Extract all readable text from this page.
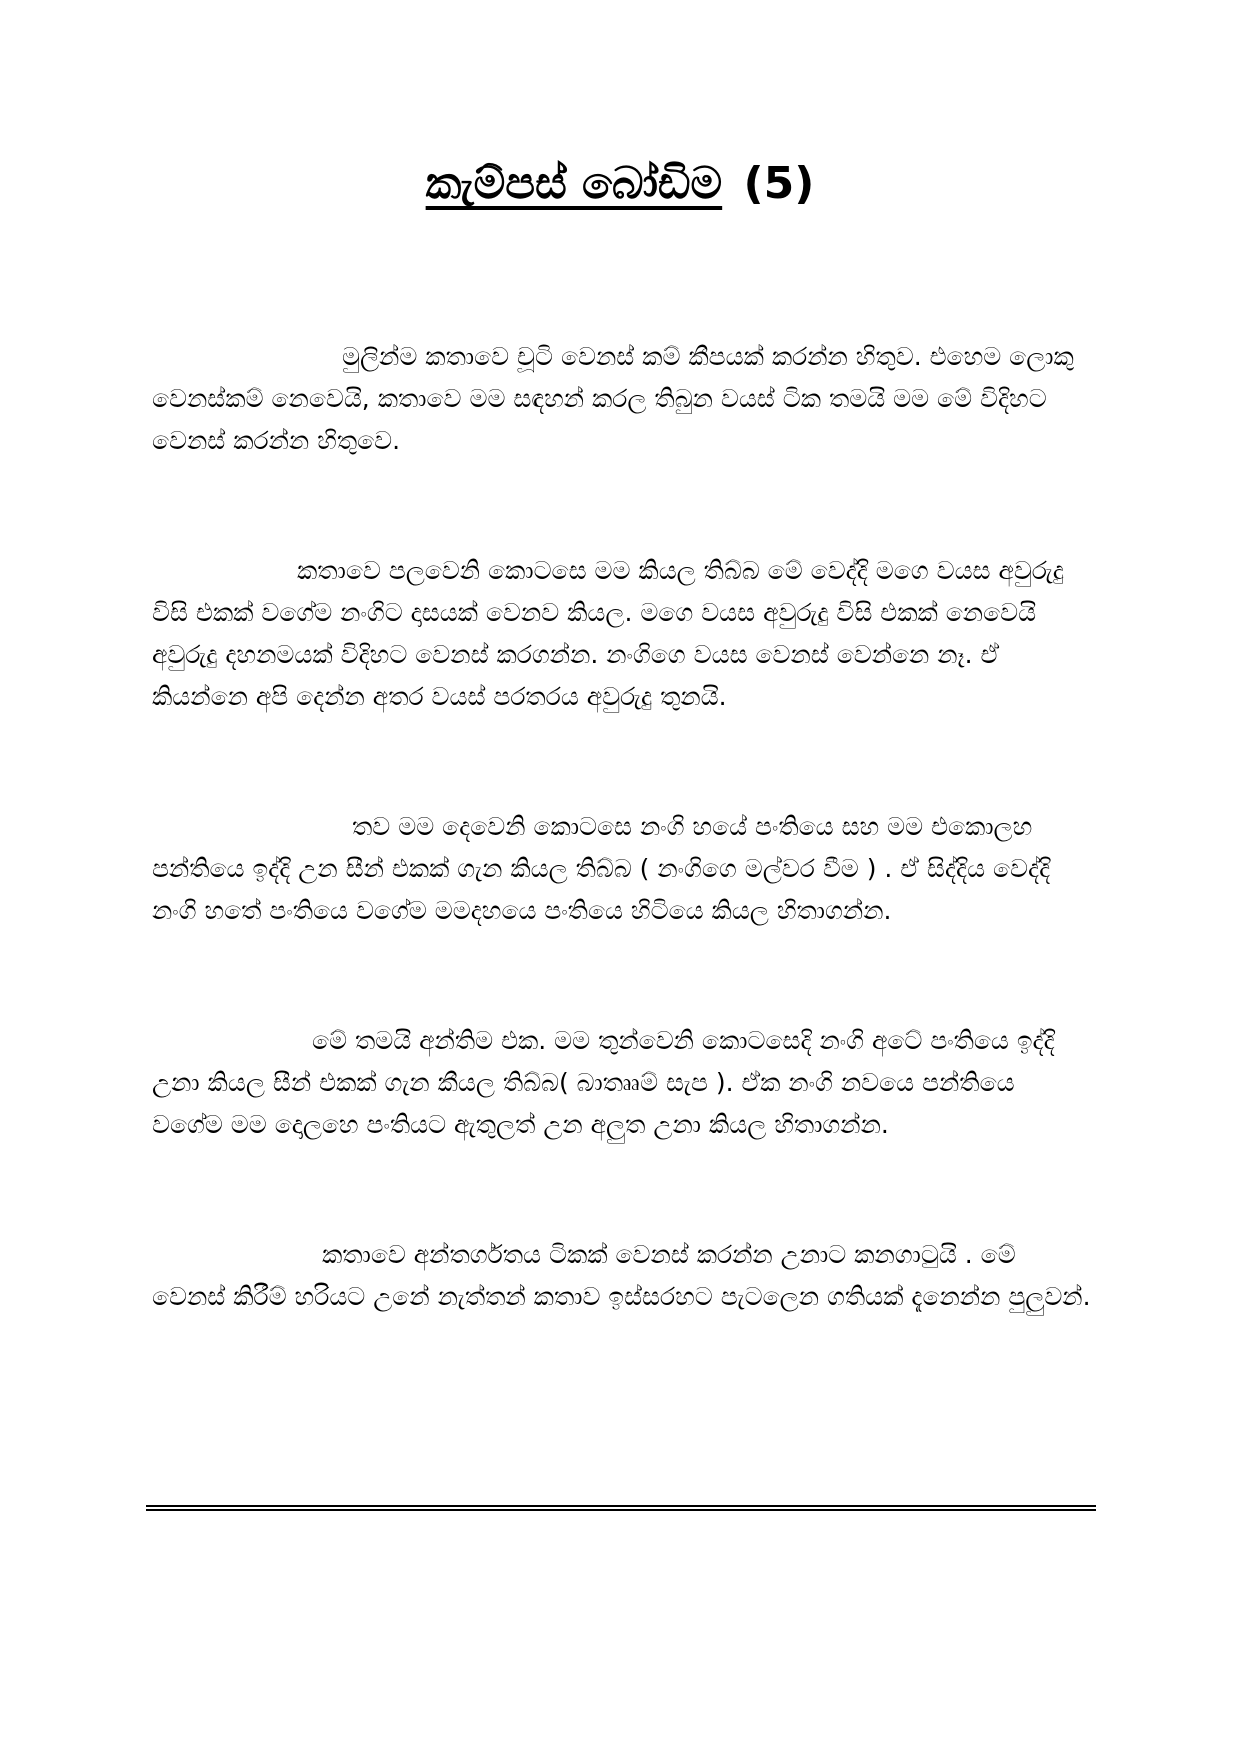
කැම්පස් බෝඩිම (5)

මුලින්ම කතාවෙ චූටි වෙනස් කම් කීපයක් කරන්න හිතුව. එහෙම ලොකු වෙනස්කම් නෙවෙයි, කතාවෙ මම සඳහන් කරල තිබුන වයස් ටික තමයි මම මේ විදිහට වෙනස් කරන්න හිතුවෙ.

කතාවෙ පලවෙනි කොටසෙ මම කියල තිබ්බ මේ වෙද්දි මගෙ වයස අවුරුදු විසි එකක් වගේම නංගිට දාසයක් වෙනව කියල. මගෙ වයස අවුරුදු විසි එකක් නෙවෙයි අවුරුදු දහනමයක් විදිහට වෙනස් කරගන්න. නංගිගෙ වයස වෙනස් වෙන්නෙ නෑ. ඒ කියන්නෙ අපි දෙන්න අතර වයස් පරතරය අවුරුදු තුනයි.

තව මම දෙවෙනි කොටසෙ නංගි හයේ පංතියෙ සහ මම එකොලහ පන්තියෙ ඉද්දි උන සීන් එකක් ගැන කියල තිබ්බ ( නංගිගෙ මල්වර වීම ) . ඒ සිද්දිය වෙද්දි නංගි හතේ පංතියෙ වගේම මමදහයෙ පංතියෙ හිටියෙ කියල හිතාගන්න.

මේ තමයි අන්තිම එක. මම තුන්වෙනි කොටසෙදි නංගි අටේ පංතියෙ ඉද්දි උනා කියල සීන් එකක් ගැන කීයල තිබ්බ( බාතෲම් සැප ). ඒක නංගි නවයෙ පන්තියෙ වගේම මම දොලහෙ පංතියට ඇතුලත් උන අලුත උනා කියල හිතාගන්න.

කතාවෙ අන්තර්ගතය ටිකක් වෙනස් කරන්න උනාට කනගාටුයි . මේ වෙනස් කිරීම් හරියට උනේ නැත්තන් කතාව ඉස්සරහට පැටලෙන ගතියක් දැනෙන්න පුලුවන්.
